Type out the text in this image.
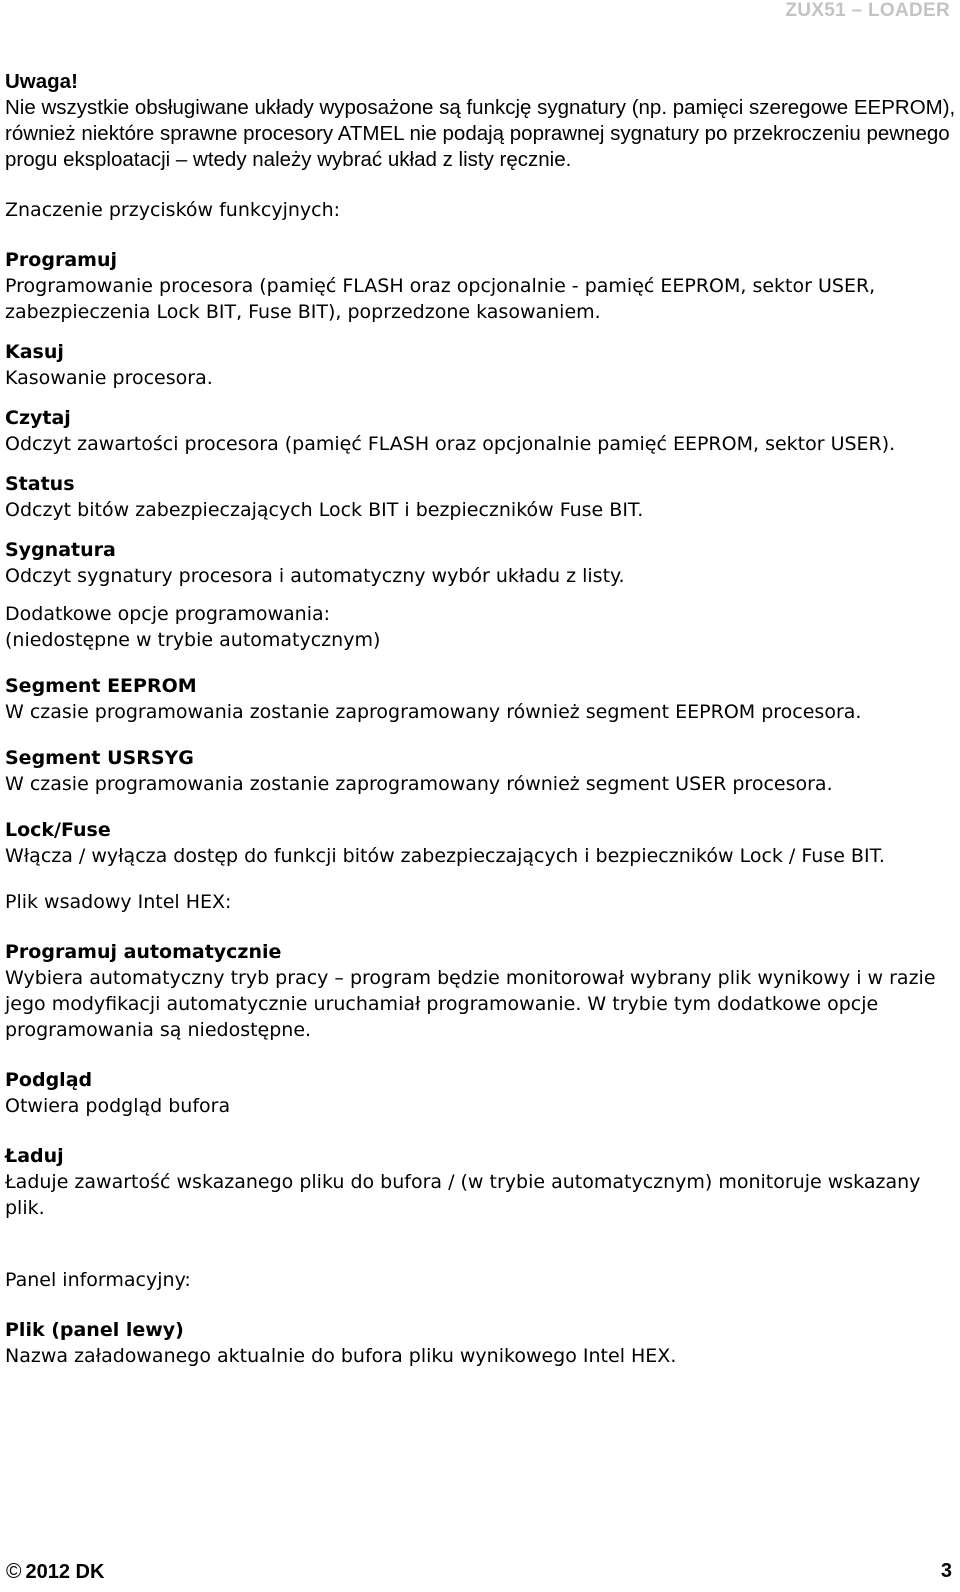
ZUX51 – LOADER

Uwaga!

Nie wszystkie obsługiwane układy wyposażone są funkcję sygnatury (np. pamięci szeregowe EEPROM), również niektóre sprawne procesory ATMEL nie podają poprawnej sygnatury po przekroczeniu pewnego progu eksploatacji – wtedy należy wybrać układ z listy ręcznie.

Znaczenie przycisków funkcyjnych:

Programuj

Programowanie procesora (pamięć FLASH oraz opcjonalnie - pamięć EEPROM, sektor USER, zabezpieczenia Lock BIT, Fuse BIT), poprzedzone kasowaniem.

Kasuj

Kasowanie procesora.

Czytaj

Odczyt zawartości procesora (pamięć FLASH oraz opcjonalnie pamięć EEPROM, sektor USER).

Status

Odczyt bitów zabezpieczających Lock BIT i bezpieczników Fuse BIT.

Sygnatura

Odczyt sygnatury procesora i automatyczny wybór układu z listy.

Dodatkowe opcje programowania:

(niedostępne w trybie automatycznym)

Segment EEPROM

W czasie programowania zostanie zaprogramowany również segment EEPROM procesora.

Segment USRSYG

W czasie programowania zostanie zaprogramowany również segment USER procesora.

Lock/Fuse

Włącza / wyłącza dostęp do funkcji bitów zabezpieczających i bezpieczników Lock / Fuse BIT.

Plik wsadowy Intel HEX:

Programuj automatycznie

Wybiera automatyczny tryb pracy – program będzie monitorował wybrany plik wynikowy i w razie jego modyfikacji automatycznie uruchamiał programowanie. W trybie tym dodatkowe opcje programowania są niedostępne.

Podgląd

Otwiera podgląd bufora

Ładuj

Ładuje zawartość wskazanego pliku do bufora / (w trybie automatycznym) monitoruje wskazany plik.

Panel informacyjny:

Plik (panel lewy)

Nazwa załadowanego aktualnie do bufora pliku wynikowego Intel HEX.

© 2012 DK	3
